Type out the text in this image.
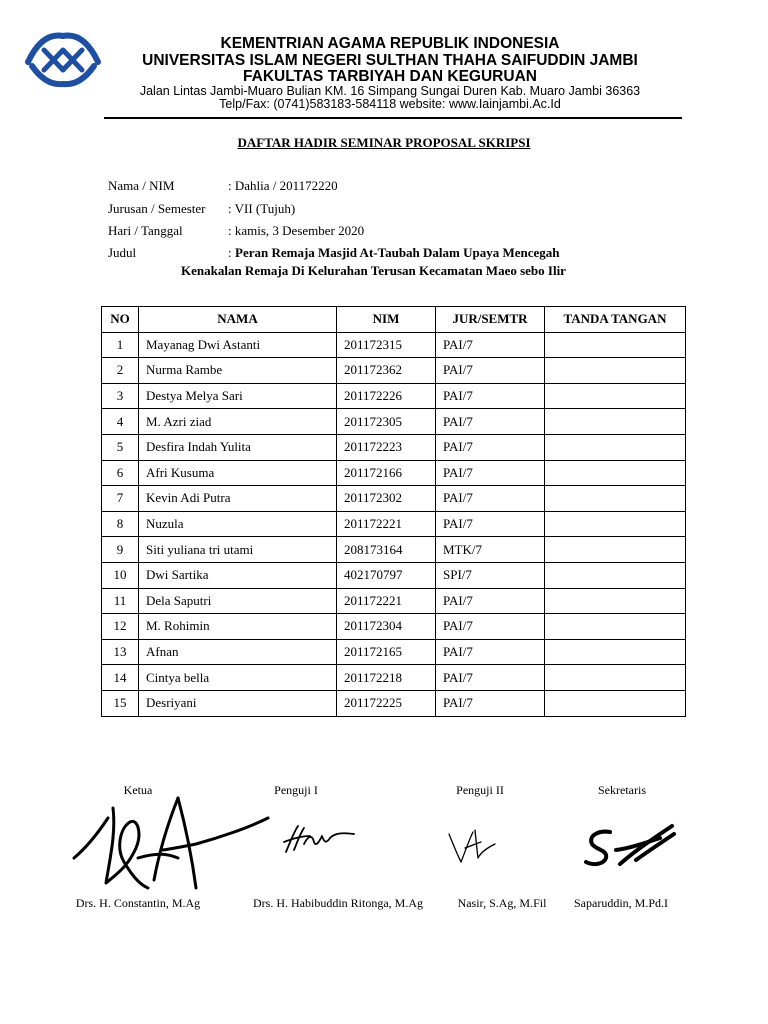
KEMENTRIAN AGAMA REPUBLIK INDONESIA
UNIVERSITAS ISLAM NEGERI SULTHAN THAHA SAIFUDDIN JAMBI
FAKULTAS TARBIYAH DAN KEGURUAN
Jalan Lintas Jambi-Muaro Bulian KM. 16 Simpang Sungai Duren Kab. Muaro Jambi 36363
Telp/Fax: (0741)583183-584118 website: www.Iainjambi.Ac.Id
DAFTAR HADIR SEMINAR PROPOSAL SKRIPSI
Nama / NIM	: Dahlia / 201172220
Jurusan / Semester : VII (Tujuh)
Hari / Tanggal	: kamis, 3 Desember 2020
Judul	: Peran Remaja Masjid At-Taubah Dalam Upaya Mencegah
Kenakalan Remaja Di Kelurahan Terusan Kecamatan Maeo sebo Ilir
NO	NAMA	NIM	JUR/SEMTR	TANDA TANGAN
1	Mayanag Dwi Astanti	201172315	PAI/7	
2	Nurma Rambe	201172362	PAI/7	
3	Destya Melya Sari	201172226	PAI/7	
4	M. Azri ziad	201172305	PAI/7	
5	Desfira Indah Yulita	201172223	PAI/7	
6	Afri Kusuma	201172166	PAI/7	
7	Kevin Adi Putra	201172302	PAI/7	
8	Nuzula	201172221	PAI/7	
9	Siti yuliana tri utami	208173164	MTK/7	
10	Dwi Sartika	402170797	SPI/7	
11	Dela Saputri	201172221	PAI/7	
12	M. Rohimin	201172304	PAI/7	
13	Afnan	201172165	PAI/7	
14	Cintya bella	201172218	PAI/7	
15	Desriyani	201172225	PAI/7	
Ketua	Penguji I	Penguji II	Sekretaris
Drs. H. Constantin, M.Ag	Drs. H. Habibuddin Ritonga, M.Ag	Nasir, S.Ag, M.Fil	Saparuddin, M.Pd.I
